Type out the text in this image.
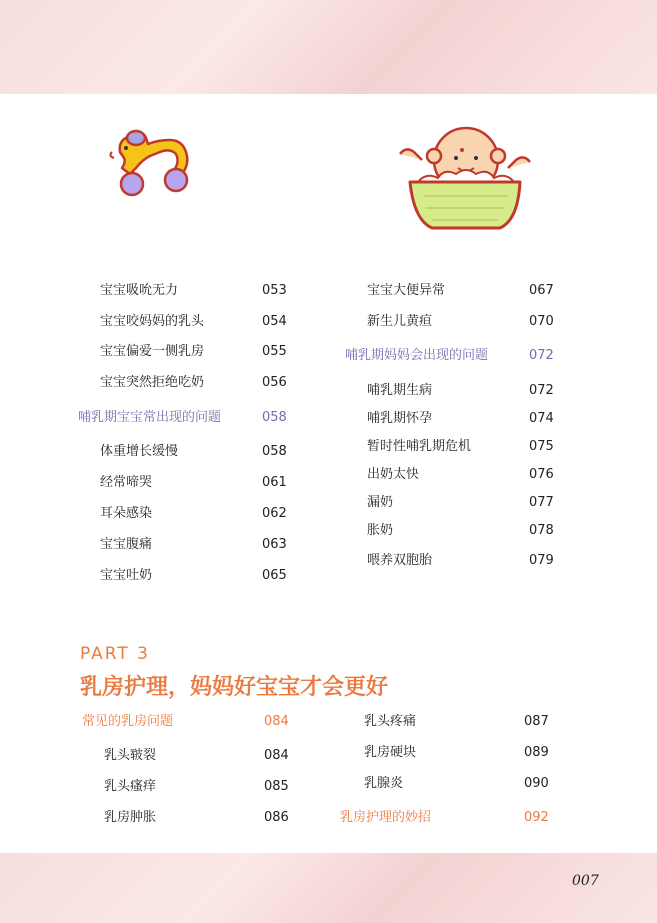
宝宝吸吮无力	053
宝宝咬妈妈的乳头	054
宝宝偏爱一侧乳房	055
宝宝突然拒绝吃奶	056
哺乳期宝宝常出现的问题	058
体重增长缓慢	058
经常啼哭	061
耳朵感染	062
宝宝腹痛	063
宝宝吐奶	065
宝宝大便异常	067
新生儿黄疸	070
哺乳期妈妈会出现的问题	072
哺乳期生病	072
哺乳期怀孕	074
暂时性哺乳期危机	075
出奶太快	076
漏奶	077
胀奶	078
喂养双胞胎	079
PART 3
乳房护理，妈妈好宝宝才会更好
常见的乳房问题	084
乳头皲裂	084
乳头瘙痒	085
乳房肿胀	086
乳头疼痛	087
乳房硬块	089
乳腺炎	090
乳房护理的妙招	092
007
